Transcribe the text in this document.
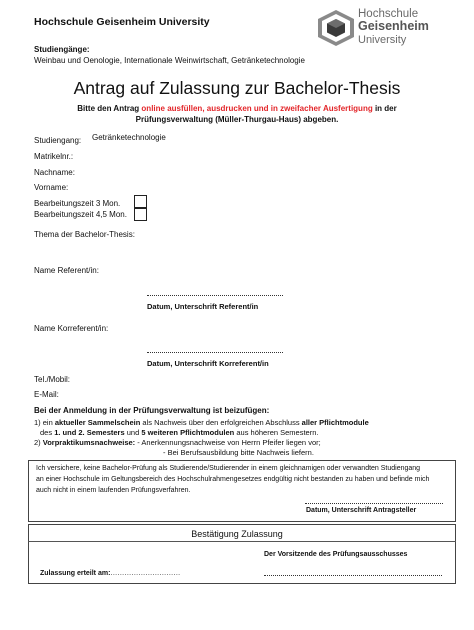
Hochschule Geisenheim University
Hochschule
Geisenheim
University
Studiengänge:
Weinbau und Oenologie, Internationale Weinwirtschaft, Getränketechnologie
Antrag auf Zulassung zur Bachelor-Thesis
Bitte den Antrag online ausfüllen, ausdrucken und in zweifacher Ausfertigung in der
Prüfungsverwaltung (Müller-Thurgau-Haus) abgeben.
Studiengang: Getränketechnologie
Matrikelnr.:
Nachname:
Vorname:
Bearbeitungszeit 3 Mon.
Bearbeitungszeit 4,5 Mon.
Thema der Bachelor-Thesis:
Name Referent/in:
Datum, Unterschrift Referent/in
Name Korreferent/in:
Datum, Unterschrift Korreferent/in
Tel./Mobil:
E-Mail:
Bei der Anmeldung in der Prüfungsverwaltung ist beizufügen:
1) ein aktueller Sammelschein als Nachweis über den erfolgreichen Abschluss aller Pflichtmodule
des 1. und 2. Semesters und 5 weiteren Pflichtmodulen aus höheren Semestern.
2) Vorpraktikumsnachweise: - Anerkennungsnachweise von Herrn Pfeifer liegen vor;
- Bei Berufsausbildung bitte Nachweis liefern.
Ich versichere, keine Bachelor-Prüfung als Studierende/Studierender in einem gleichnamigen oder verwandten Studiengang
an einer Hochschule im Geltungsbereich des Hochschulrahmengesetzes endgültig nicht bestanden zu haben und befinde mich
auch nicht in einem laufenden Prüfungsverfahren.
Datum, Unterschrift Antragsteller
Bestätigung Zulassung
Der Vorsitzende des Prüfungsausschusses
Zulassung erteilt am:…………………………
